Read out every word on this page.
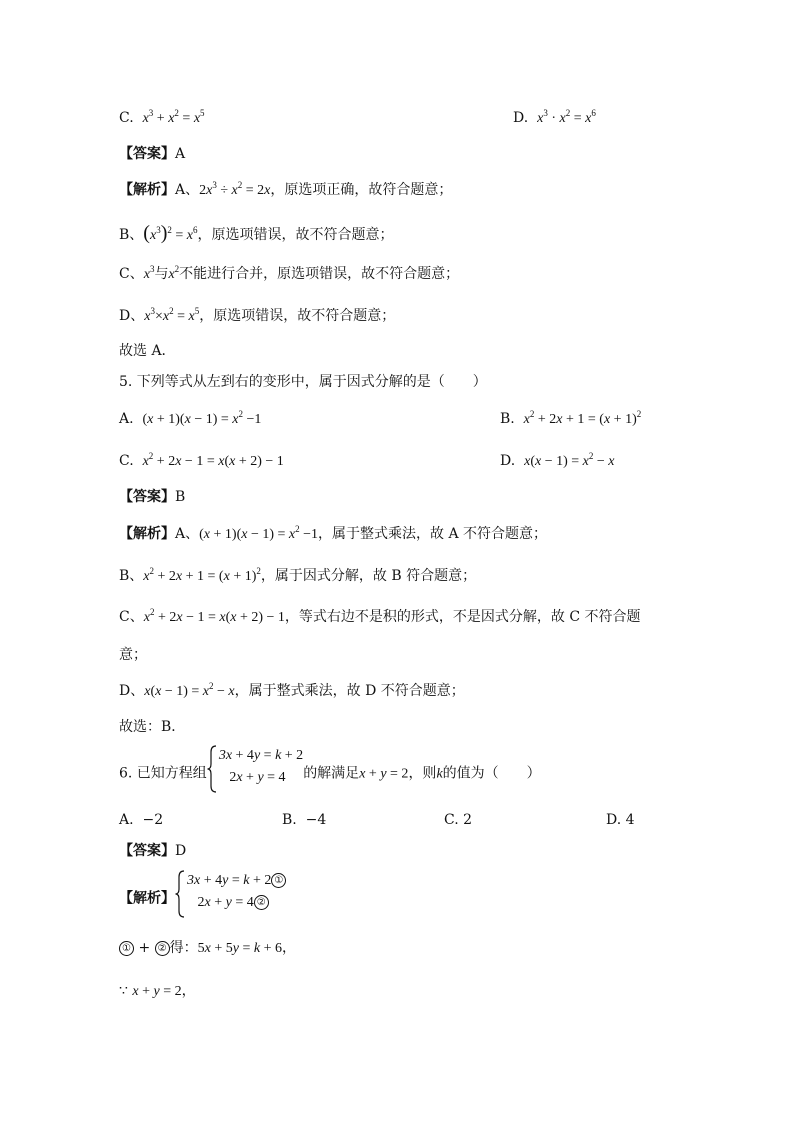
C. $x^3 + x^2 = x^5$	D. $x^3 \cdot x^2 = x^6$
【答案】A
【解析】A、$2x^3 \div x^2 = 2x$，原选项正确，故符合题意；
B、$(x^3)^2 = x^6$，原选项错误，故不符合题意；
C、$x^3$与$x^2$不能进行合并，原选项错误，故不符合题意；
D、$x^3\times x^2 = x^5$，原选项错误，故不符合题意；
故选 A．
5. 下列等式从左到右的变形中，属于因式分解的是（　　）
A. $(x + 1)(x - 1) = x^2 -1$	B. $x^2 + 2x + 1 = (x + 1)^2$
C. $x^2 + 2x - 1 = x(x + 2) - 1$	D. $x(x - 1) = x^2 - x$
【答案】B
【解析】A、$(x + 1)(x - 1) = x^2 -1$，属于整式乘法，故 A 不符合题意；
B、$x^2 + 2x + 1 = (x + 1)^2$，属于因式分解，故 B 符合题意；
C、$x^2 + 2x - 1 = x(x + 2) - 1$，等式右边不是积的形式，不是因式分解，故 C 不符合题
意；
D、$x(x - 1) = x^2 - x$，属于整式乘法，故 D 不符合题意；
故选：B．
6. 已知方程组
3x + 4y = k + 2
2x + y = 4	的解满足x + y = 2，则k的值为（　　）
A. −2	B. −4	C. 2	D. 4
【答案】D
【解析】
3x + 4y = k + 2 ①
2x + y = 4 ②
① + ② 得：5x + 5y = k + 6，
∵ x + y = 2，
